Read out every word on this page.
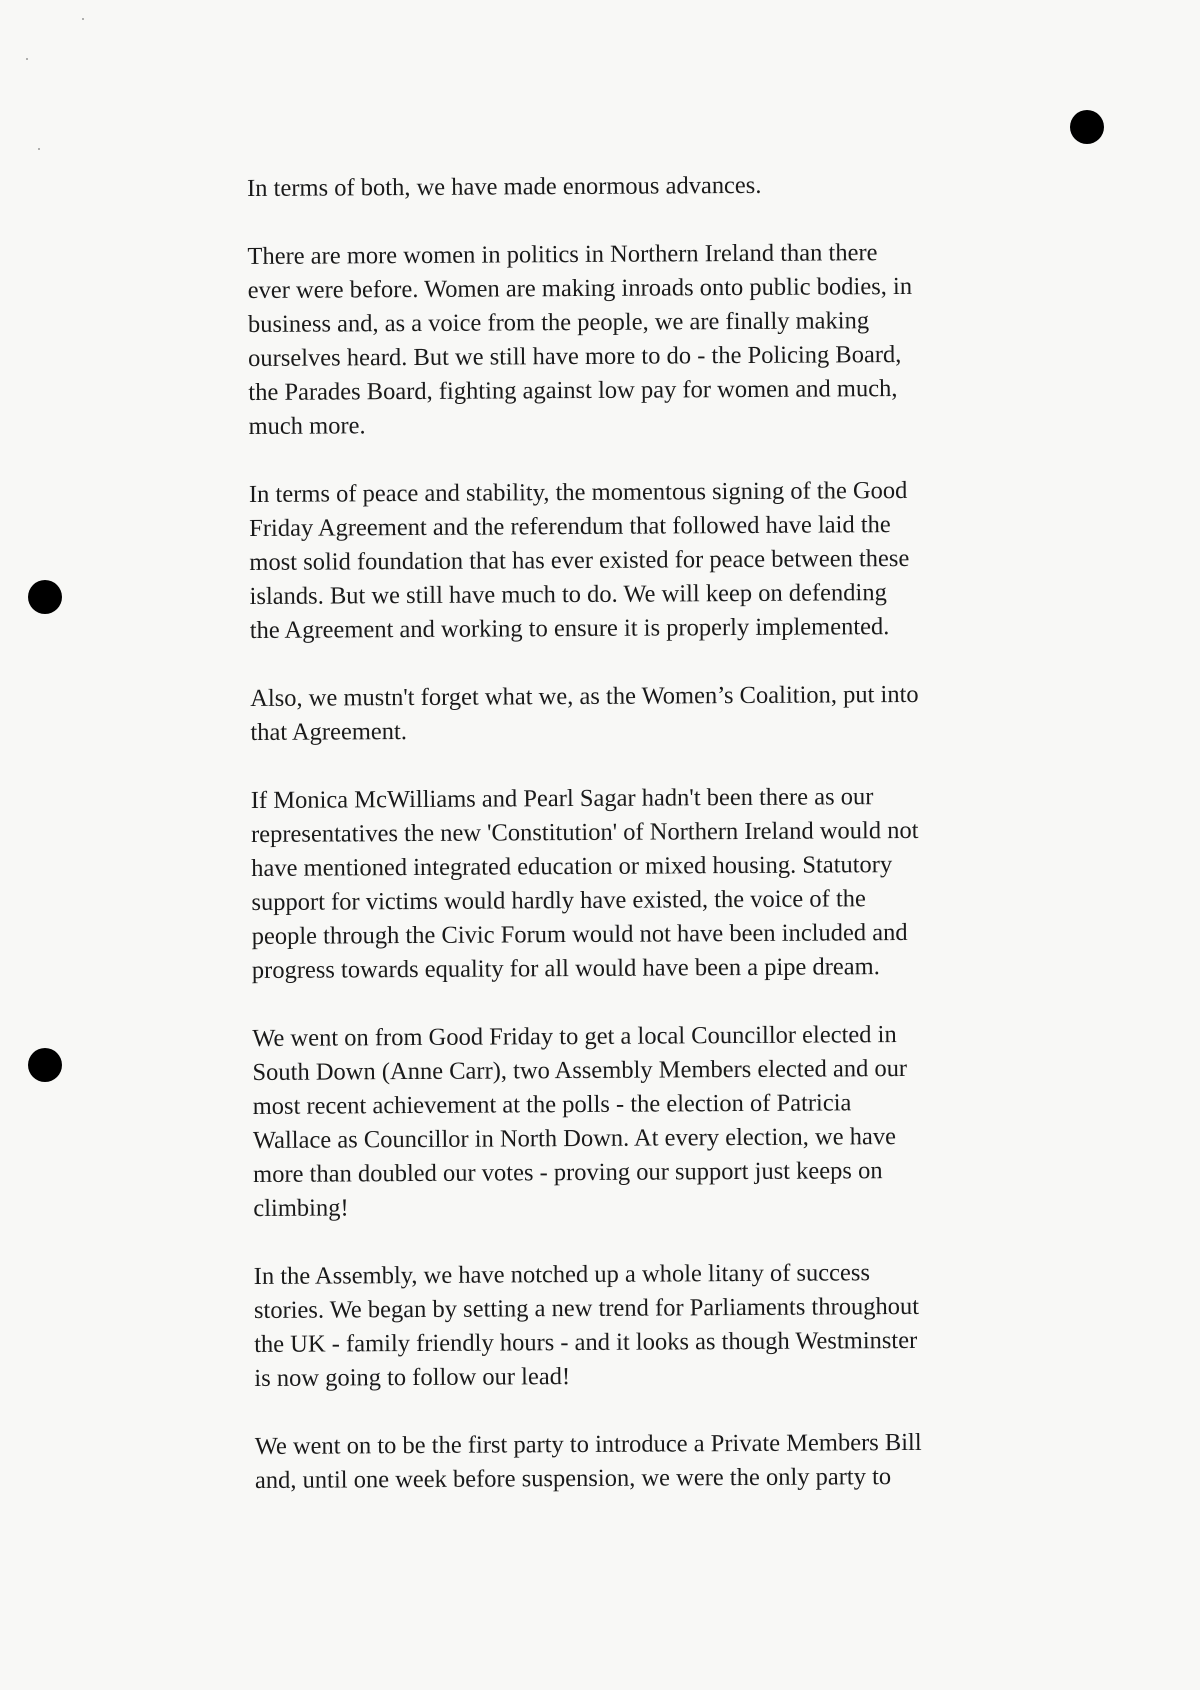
In terms of both, we have made enormous advances.

There are more women in politics in Northern Ireland than there
ever were before. Women are making inroads onto public bodies, in
business and, as a voice from the people, we are finally making
ourselves heard. But we still have more to do - the Policing Board,
the Parades Board, fighting against low pay for women and much,
much more.

In terms of peace and stability, the momentous signing of the Good
Friday Agreement and the referendum that followed have laid the
most solid foundation that has ever existed for peace between these
islands. But we still have much to do. We will keep on defending
the Agreement and working to ensure it is properly implemented.

Also, we mustn't forget what we, as the Women’s Coalition, put into
that Agreement.

If Monica McWilliams and Pearl Sagar hadn't been there as our
representatives the new 'Constitution' of Northern Ireland would not
have mentioned integrated education or mixed housing. Statutory
support for victims would hardly have existed, the voice of the
people through the Civic Forum would not have been included and
progress towards equality for all would have been a pipe dream.

We went on from Good Friday to get a local Councillor elected in
South Down (Anne Carr), two Assembly Members elected and our
most recent achievement at the polls - the election of Patricia
Wallace as Councillor in North Down. At every election, we have
more than doubled our votes - proving our support just keeps on
climbing!

In the Assembly, we have notched up a whole litany of success
stories. We began by setting a new trend for Parliaments throughout
the UK - family friendly hours - and it looks as though Westminster
is now going to follow our lead!

We went on to be the first party to introduce a Private Members Bill
and, until one week before suspension, we were the only party to
